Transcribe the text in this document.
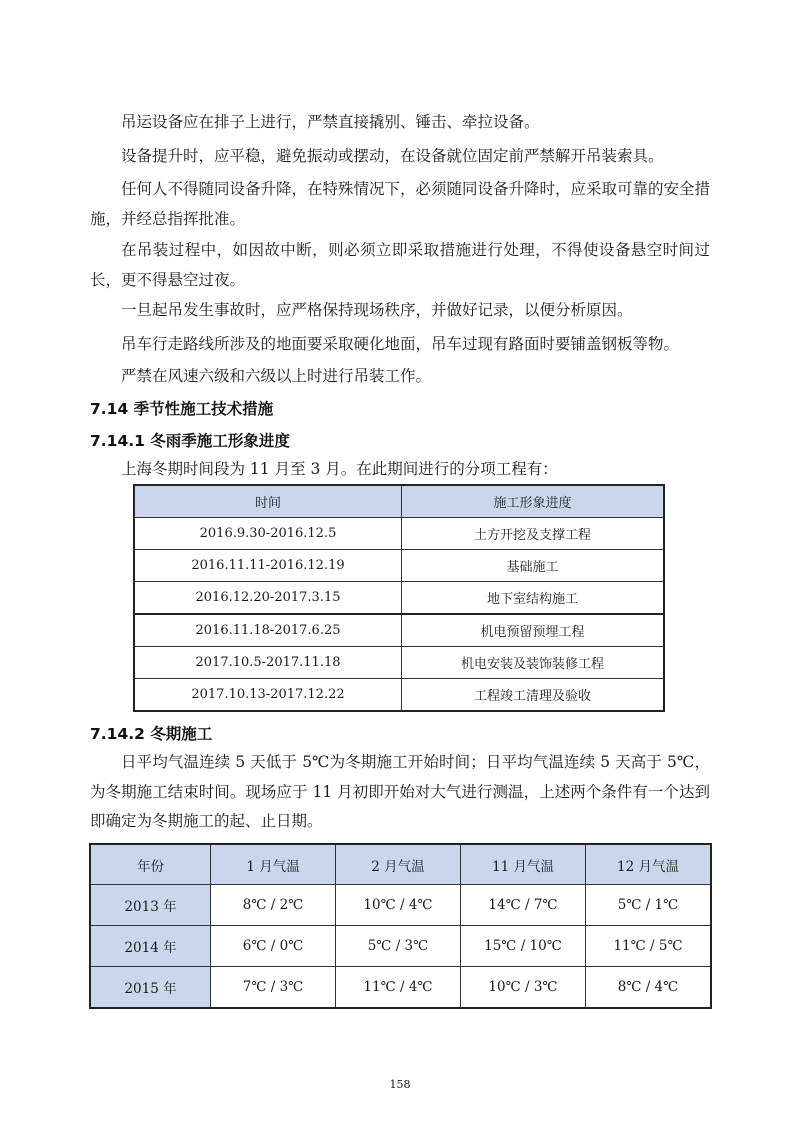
吊运设备应在排子上进行，严禁直接撬别、锤击、牵拉设备。

设备提升时，应平稳，避免振动或摆动，在设备就位固定前严禁解开吊装索具。

任何人不得随同设备升降，在特殊情况下，必须随同设备升降时，应采取可靠的安全措施，并经总指挥批准。

在吊装过程中，如因故中断，则必须立即采取措施进行处理，不得使设备悬空时间过长，更不得悬空过夜。

一旦起吊发生事故时，应严格保持现场秩序，并做好记录，以便分析原因。

吊车行走路线所涉及的地面要采取硬化地面，吊车过现有路面时要铺盖钢板等物。

严禁在风速六级和六级以上时进行吊装工作。

7.14 季节性施工技术措施
7.14.1 冬雨季施工形象进度

上海冬期时间段为 11 月至 3 月。在此期间进行的分项工程有：

时间	施工形象进度
2016.9.30-2016.12.5	土方开挖及支撑工程
2016.11.11-2016.12.19	基础施工
2016.12.20-2017.3.15	地下室结构施工
2016.11.18-2017.6.25	机电预留预埋工程
2017.10.5-2017.11.18	机电安装及装饰装修工程
2017.10.13-2017.12.22	工程竣工清理及验收
7.14.2 冬期施工

日平均气温连续 5 天低于 5℃为冬期施工开始时间；日平均气温连续 5 天高于 5℃，为冬期施工结束时间。现场应于 11 月初即开始对大气进行测温，上述两个条件有一个达到即确定为冬期施工的起、止日期。

年份	1 月气温	2 月气温	11 月气温	12 月气温
2013 年	8℃ / 2℃	10℃ / 4℃	14℃ / 7℃	5℃ / 1℃
2014 年	6℃ / 0℃	5℃ / 3℃	15℃ / 10℃	11℃ / 5℃
2015 年	7℃ / 3℃	11℃ / 4℃	10℃ / 3℃	8℃ / 4℃
158
